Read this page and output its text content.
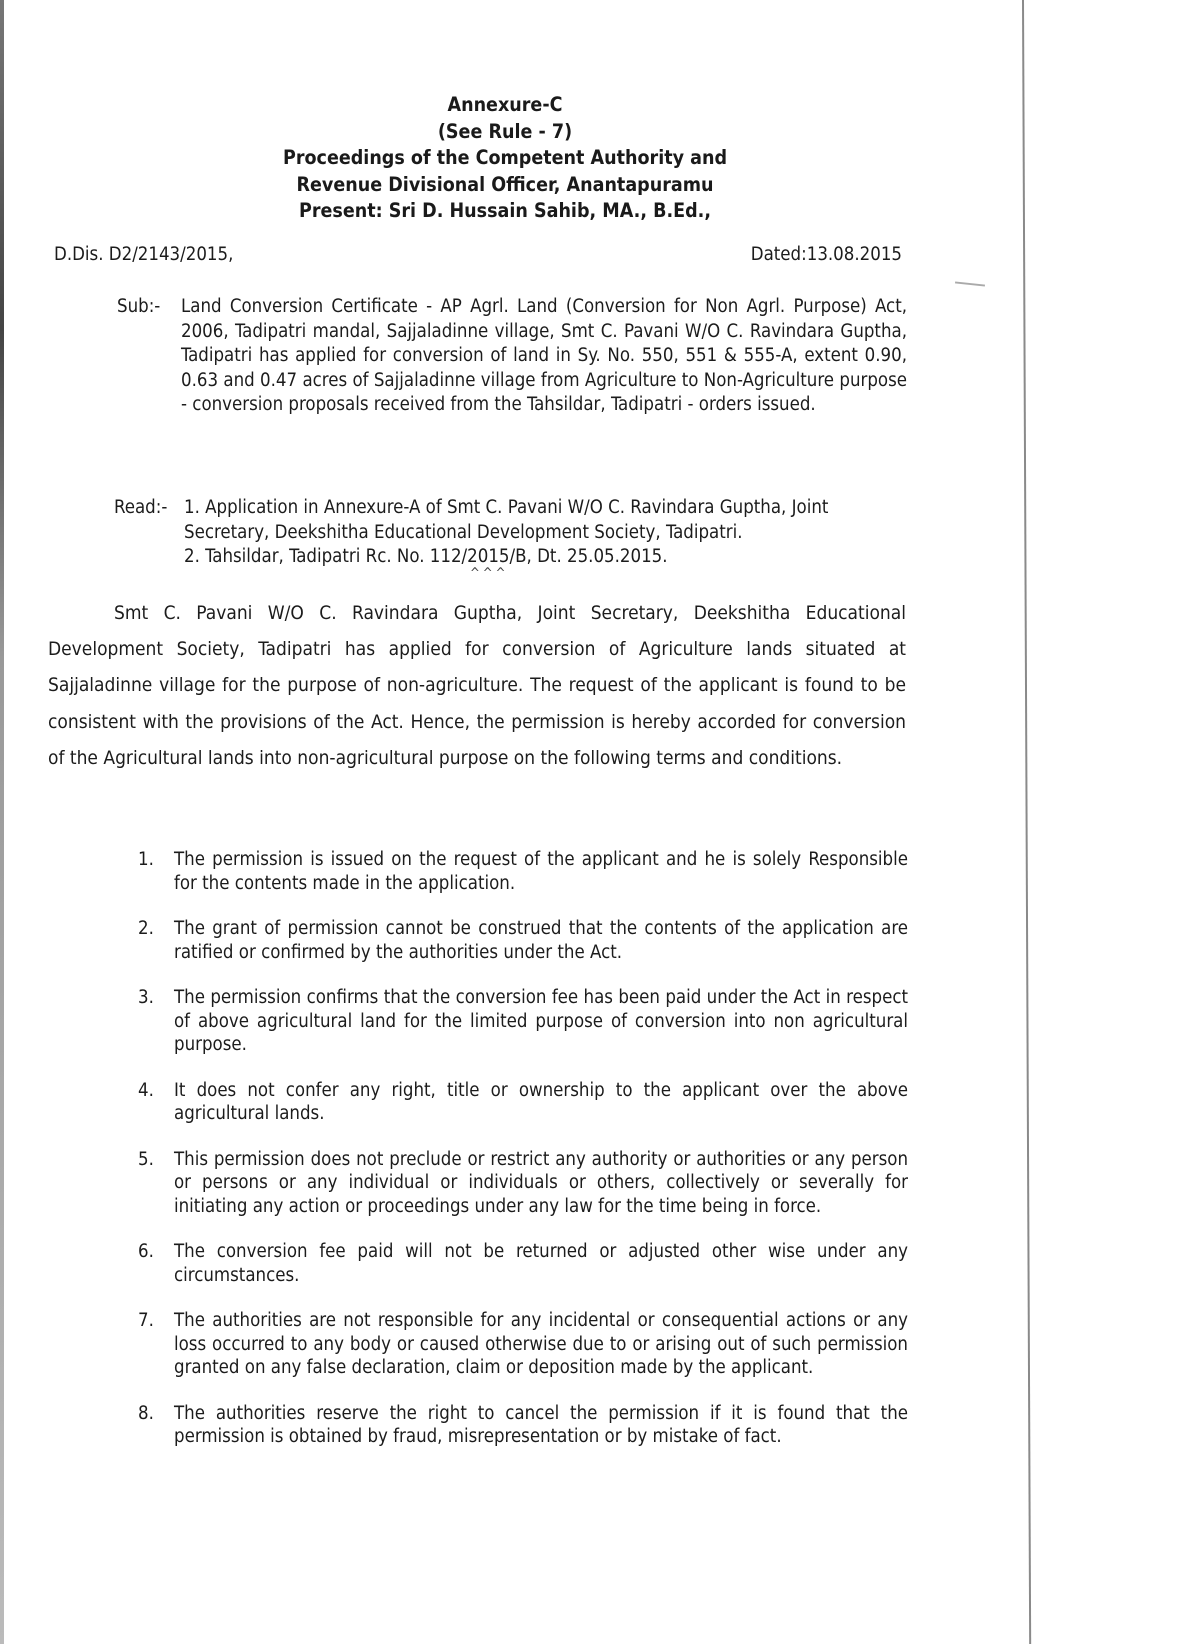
Annexure-C
(See Rule - 7)
Proceedings of the Competent Authority and
Revenue Divisional Officer, Anantapuramu
Present: Sri D. Hussain Sahib, MA., B.Ed.,
D.Dis. D2/2143/2015,	Dated:13.08.2015
Sub:-	Land Conversion Certificate - AP Agrl. Land (Conversion for Non Agrl. Purpose) Act, 2006, Tadipatri mandal, Sajjaladinne village, Smt C. Pavani W/O C. Ravindara Guptha, Tadipatri has applied for conversion of land in Sy. No. 550, 551 & 555-A, extent 0.90, 0.63 and 0.47 acres of Sajjaladinne village from Agriculture to Non-Agriculture purpose - conversion proposals received from the Tahsildar, Tadipatri - orders issued.
Read:- 1. Application in Annexure-A of Smt C. Pavani W/O C. Ravindara Guptha, Joint Secretary, Deekshitha Educational Development Society, Tadipatri.
2. Tahsildar, Tadipatri Rc. No. 112/2015/B, Dt. 25.05.2015.
^^^

Smt C. Pavani W/O C. Ravindara Guptha, Joint Secretary, Deekshitha Educational Development Society, Tadipatri has applied for conversion of Agriculture lands situated at Sajjaladinne village for the purpose of non-agriculture. The request of the applicant is found to be consistent with the provisions of the Act. Hence, the permission is hereby accorded for conversion of the Agricultural lands into non-agricultural purpose on the following terms and conditions.

1.	The permission is issued on the request of the applicant and he is solely Responsible for the contents made in the application.
2.	The grant of permission cannot be construed that the contents of the application are ratified or confirmed by the authorities under the Act.
3.	The permission confirms that the conversion fee has been paid under the Act in respect of above agricultural land for the limited purpose of conversion into non agricultural purpose.
4.	It does not confer any right, title or ownership to the applicant over the above agricultural lands.
5.	This permission does not preclude or restrict any authority or authorities or any person or persons or any individual or individuals or others, collectively or severally for initiating any action or proceedings under any law for the time being in force.
6.	The conversion fee paid will not be returned or adjusted other wise under any circumstances.
7.	The authorities are not responsible for any incidental or consequential actions or any loss occurred to any body or caused otherwise due to or arising out of such permission granted on any false declaration, claim or deposition made by the applicant.
8.	The authorities reserve the right to cancel the permission if it is found that the permission is obtained by fraud, misrepresentation or by mistake of fact.
